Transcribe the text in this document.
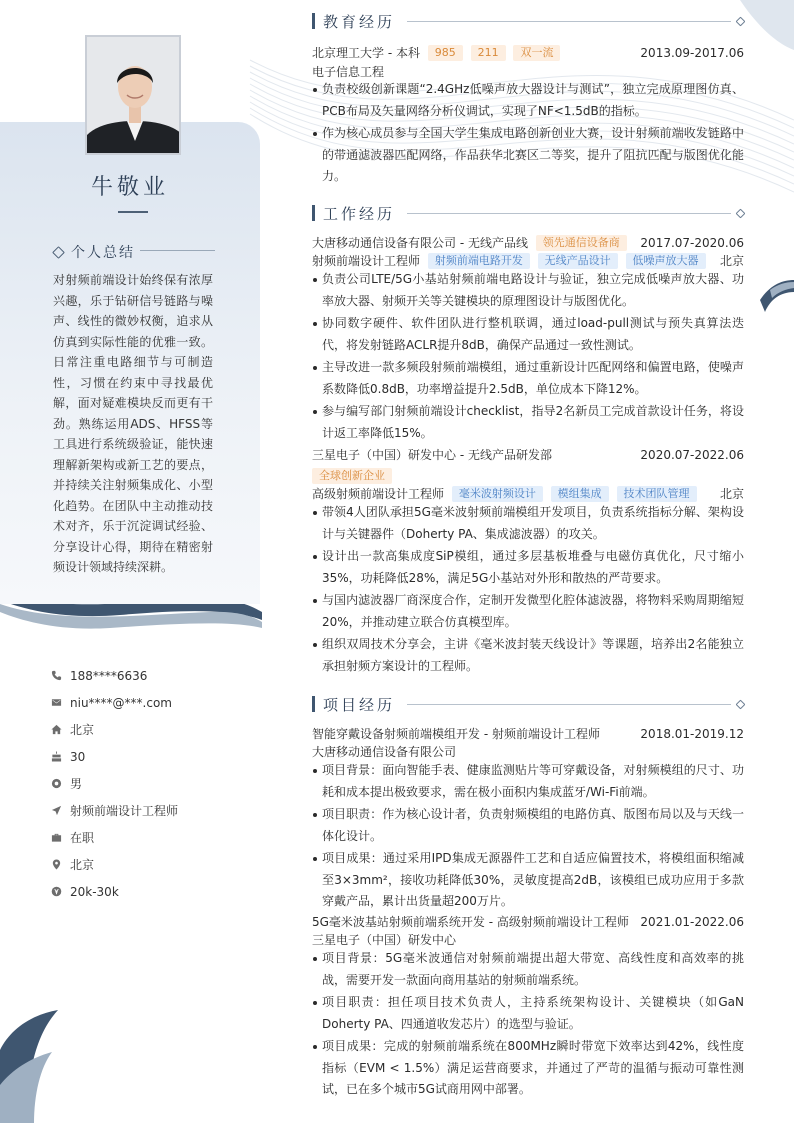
牛敬业
个人总结
对射频前端设计始终保有浓厚兴趣，乐于钻研信号链路与噪声、线性的微妙权衡，追求从仿真到实际性能的优雅一致。日常注重电路细节与可制造性，习惯在约束中寻找最优解，面对疑难模块反而更有干劲。熟练运用ADS、HFSS等工具进行系统级验证，能快速理解新架构或新工艺的要点，并持续关注射频集成化、小型化趋势。在团队中主动推动技术对齐，乐于沉淀调试经验、分享设计心得，期待在精密射频设计领域持续深耕。
188****6636
niu****@***.com
北京
30
男
射频前端设计工程师
在职
北京
20k-30k
教育经历
北京理工大学 - 本科 985 211 双一流	2013.09-2017.06
电子信息工程
负责校级创新课题“2.4GHz低噪声放大器设计与测试”，独立完成原理图仿真、PCB布局及矢量网络分析仪调试，实现了NF<1.5dB的指标。
作为核心成员参与全国大学生集成电路创新创业大赛，设计射频前端收发链路中的带通滤波器匹配网络，作品获华北赛区二等奖，提升了阻抗匹配与版图优化能力。
工作经历
大唐移动通信设备有限公司 - 无线产品线 领先通信设备商 2017.07-2020.06
射频前端设计工程师 射频前端电路开发 无线产品设计 低噪声放大器 北京
负责公司LTE/5G小基站射频前端电路设计与验证，独立完成低噪声放大器、功率放大器、射频开关等关键模块的原理图设计与版图优化。
协同数字硬件、软件团队进行整机联调，通过load-pull测试与预失真算法迭代，将发射链路ACLR提升8dB，确保产品通过一致性测试。
主导改进一款多频段射频前端模组，通过重新设计匹配网络和偏置电路，使噪声系数降低0.8dB，功率增益提升2.5dB，单位成本下降12%。
参与编写部门射频前端设计checklist，指导2名新员工完成首款设计任务，将设计返工率降低15%。
三星电子（中国）研发中心 - 无线产品研发部	2020.07-2022.06
全球创新企业
高级射频前端设计工程师 毫米波射频设计 模组集成 技术团队管理	北京
带领4人团队承担5G毫米波射频前端模组开发项目，负责系统指标分解、架构设计与关键器件（Doherty PA、集成滤波器）的攻关。
设计出一款高集成度SiP模组，通过多层基板堆叠与电磁仿真优化，尺寸缩小35%，功耗降低28%，满足5G小基站对外形和散热的严苛要求。
与国内滤波器厂商深度合作，定制开发微型化腔体滤波器，将物料采购周期缩短20%，并推动建立联合仿真模型库。
组织双周技术分享会，主讲《毫米波封装天线设计》等课题，培养出2名能独立承担射频方案设计的工程师。
项目经历
智能穿戴设备射频前端模组开发 - 射频前端设计工程师	2018.01-2019.12
大唐移动通信设备有限公司
项目背景：面向智能手表、健康监测贴片等可穿戴设备，对射频模组的尺寸、功耗和成本提出极致要求，需在极小面积内集成蓝牙/Wi-Fi前端。
项目职责：作为核心设计者，负责射频模组的电路仿真、版图布局以及与天线一体化设计。
项目成果：通过采用IPD集成无源器件工艺和自适应偏置技术，将模组面积缩减至3×3mm²，接收功耗降低30%，灵敏度提高2dB，该模组已成功应用于多款穿戴产品，累计出货量超200万片。
5G毫米波基站射频前端系统开发 - 高级射频前端设计工程师 2021.01-2022.06
三星电子（中国）研发中心
项目背景：5G毫米波通信对射频前端提出超大带宽、高线性度和高效率的挑战，需要开发一款面向商用基站的射频前端系统。
项目职责：担任项目技术负责人，主持系统架构设计、关键模块（如GaN Doherty PA、四通道收发芯片）的选型与验证。
项目成果：完成的射频前端系统在800MHz瞬时带宽下效率达到42%，线性度指标（EVM < 1.5%）满足运营商要求，并通过了严苛的温循与振动可靠性测试，已在多个城市5G试商用网中部署。
